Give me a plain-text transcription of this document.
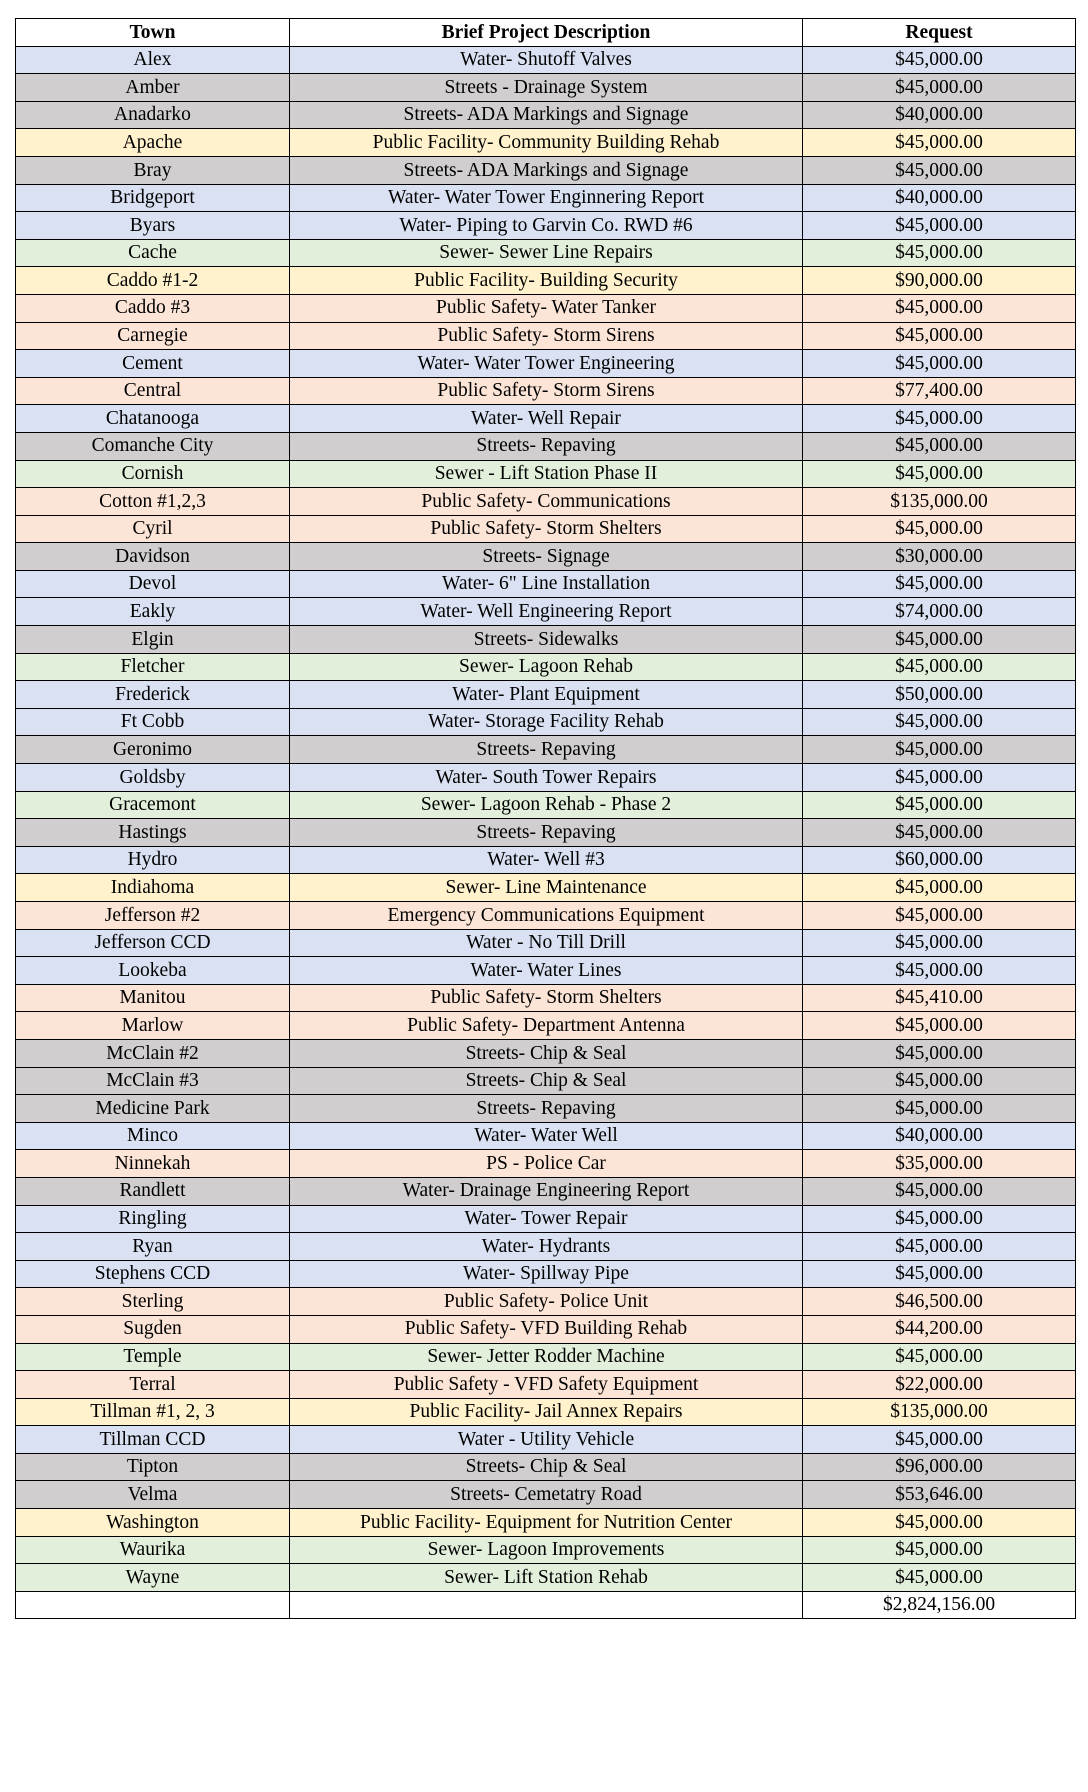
Town	Brief Project Description	Request
Alex	Water- Shutoff Valves	$45,000.00
Amber	Streets - Drainage System	$45,000.00
Anadarko	Streets- ADA Markings and Signage	$40,000.00
Apache	Public Facility- Community Building Rehab	$45,000.00
Bray	Streets- ADA Markings and Signage	$45,000.00
Bridgeport	Water- Water Tower Enginnering Report	$40,000.00
Byars	Water- Piping to Garvin Co. RWD #6	$45,000.00
Cache	Sewer- Sewer Line Repairs	$45,000.00
Caddo #1-2	Public Facility- Building Security	$90,000.00
Caddo #3	Public Safety- Water Tanker	$45,000.00
Carnegie	Public Safety- Storm Sirens	$45,000.00
Cement	Water- Water Tower Engineering	$45,000.00
Central	Public Safety- Storm Sirens	$77,400.00
Chatanooga	Water- Well Repair	$45,000.00
Comanche City	Streets- Repaving	$45,000.00
Cornish	Sewer - Lift Station Phase II	$45,000.00
Cotton #1,2,3	Public Safety- Communications	$135,000.00
Cyril	Public Safety- Storm Shelters	$45,000.00
Davidson	Streets- Signage	$30,000.00
Devol	Water- 6" Line Installation	$45,000.00
Eakly	Water- Well Engineering Report	$74,000.00
Elgin	Streets- Sidewalks	$45,000.00
Fletcher	Sewer- Lagoon Rehab	$45,000.00
Frederick	Water- Plant Equipment	$50,000.00
Ft Cobb	Water- Storage Facility Rehab	$45,000.00
Geronimo	Streets- Repaving	$45,000.00
Goldsby	Water- South Tower Repairs	$45,000.00
Gracemont	Sewer- Lagoon Rehab - Phase 2	$45,000.00
Hastings	Streets- Repaving	$45,000.00
Hydro	Water- Well #3	$60,000.00
Indiahoma	Sewer- Line Maintenance	$45,000.00
Jefferson #2	Emergency Communications Equipment	$45,000.00
Jefferson CCD	Water - No Till Drill	$45,000.00
Lookeba	Water- Water Lines	$45,000.00
Manitou	Public Safety- Storm Shelters	$45,410.00
Marlow	Public Safety- Department Antenna	$45,000.00
McClain #2	Streets- Chip & Seal	$45,000.00
McClain #3	Streets- Chip & Seal	$45,000.00
Medicine Park	Streets- Repaving	$45,000.00
Minco	Water- Water Well	$40,000.00
Ninnekah	PS - Police Car	$35,000.00
Randlett	Water- Drainage Engineering Report	$45,000.00
Ringling	Water- Tower Repair	$45,000.00
Ryan	Water- Hydrants	$45,000.00
Stephens CCD	Water- Spillway Pipe	$45,000.00
Sterling	Public Safety- Police Unit	$46,500.00
Sugden	Public Safety- VFD Building Rehab	$44,200.00
Temple	Sewer- Jetter Rodder Machine	$45,000.00
Terral	Public Safety - VFD Safety Equipment	$22,000.00
Tillman #1, 2, 3	Public Facility- Jail Annex Repairs	$135,000.00
Tillman CCD	Water - Utility Vehicle	$45,000.00
Tipton	Streets- Chip & Seal	$96,000.00
Velma	Streets- Cemetatry Road	$53,646.00
Washington	Public Facility- Equipment for Nutrition Center	$45,000.00
Waurika	Sewer- Lagoon Improvements	$45,000.00
Wayne	Sewer- Lift Station Rehab	$45,000.00
		$2,824,156.00
